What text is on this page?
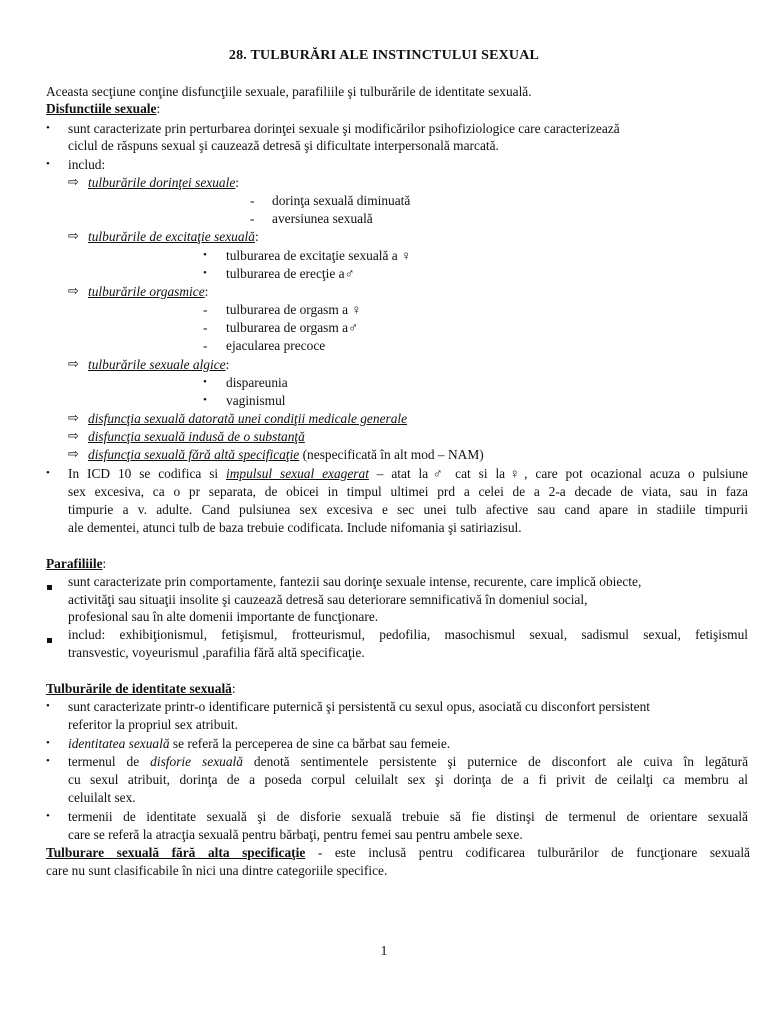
28. TULBURĂRI ALE INSTINCTULUI SEXUAL
Aceasta secţiune conţine disfuncţiile sexuale, parafiliile şi tulburările de identitate sexuală.
Disfunctiile sexuale:
• sunt caracterizate prin perturbarea dorinţei sexuale şi modificărilor psihofiziologice care caracterizează
ciclul de răspuns sexual şi cauzează detresă şi dificultate interpersonală marcată.
• includ:
⇨ tulburările dorinţei sexuale:
- dorinţa sexuală diminuată
- aversiunea sexuală
⇨ tulburările de excitaţie sexuală:
• tulburarea de excitaţie sexuală a ♀
• tulburarea de erecţie a♂
⇨ tulburările orgasmice:
- tulburarea de orgasm a ♀
- tulburarea de orgasm a♂
- ejacularea precoce
⇨ tulburările sexuale algice:
• dispareunia
• vaginismul
⇨ disfuncţia sexuală datorată unei condiţii medicale generale
⇨ disfuncţia sexuală indusă de o substanţă
⇨ disfuncţia sexuală fără altă specificaţie (nespecificată în alt mod – NAM)
• In ICD 10 se codifica si impulsul sexual exagerat – atat la♂ cat si la♀, care pot ocazional acuza o pulsiune
sex excesiva, ca o pr separata, de obicei in timpul ultimei prd a celei de a 2-a decade de viata, sau in faza
timpurie a v. adulte. Cand pulsiunea sex excesiva e sec unei tulb afective sau cand apare in stadiile timpurii
ale dementei, atunci tulb de baza trebuie codificata. Include nifomania şi satiriazisul.
Parafiliile:
sunt caracterizate prin comportamente, fantezii sau dorinţe sexuale intense, recurente, care implică obiecte,
activităţi sau situaţii insolite şi cauzează detresă sau deteriorare semnificativă în domeniul social,
profesional sau în alte domenii importante de funcţionare.
includ: exhibiţionismul, fetişismul, frotteurismul, pedofilia, masochismul sexual, sadismul sexual, fetişismul
transvestic, voyeurismul ,parafilia fără altă specificaţie.
Tulburările de identitate sexuală:
• sunt caracterizate printr-o identificare puternică şi persistentă cu sexul opus, asociată cu disconfort persistent
referitor la propriul sex atribuit.
• identitatea sexuală se referă la perceperea de sine ca bărbat sau femeie.
• termenul de disforie sexuală denotă sentimentele persistente şi puternice de disconfort ale cuiva în legătură
cu sexul atribuit, dorinţa de a poseda corpul celuilalt sex şi dorinţa de a fi privit de ceilalţi ca membru al
celuilalt sex.
• termenii de identitate sexuală şi de disforie sexuală trebuie să fie distinşi de termenul de orientare sexuală
care se referă la atracţia sexuală pentru bărbaţi, pentru femei sau pentru ambele sexe.
Tulburare sexuală fără alta specificaţie - este inclusă pentru codificarea tulburărilor de funcţionare sexuală
care nu sunt clasificabile în nici una dintre categoriile specifice.
1
